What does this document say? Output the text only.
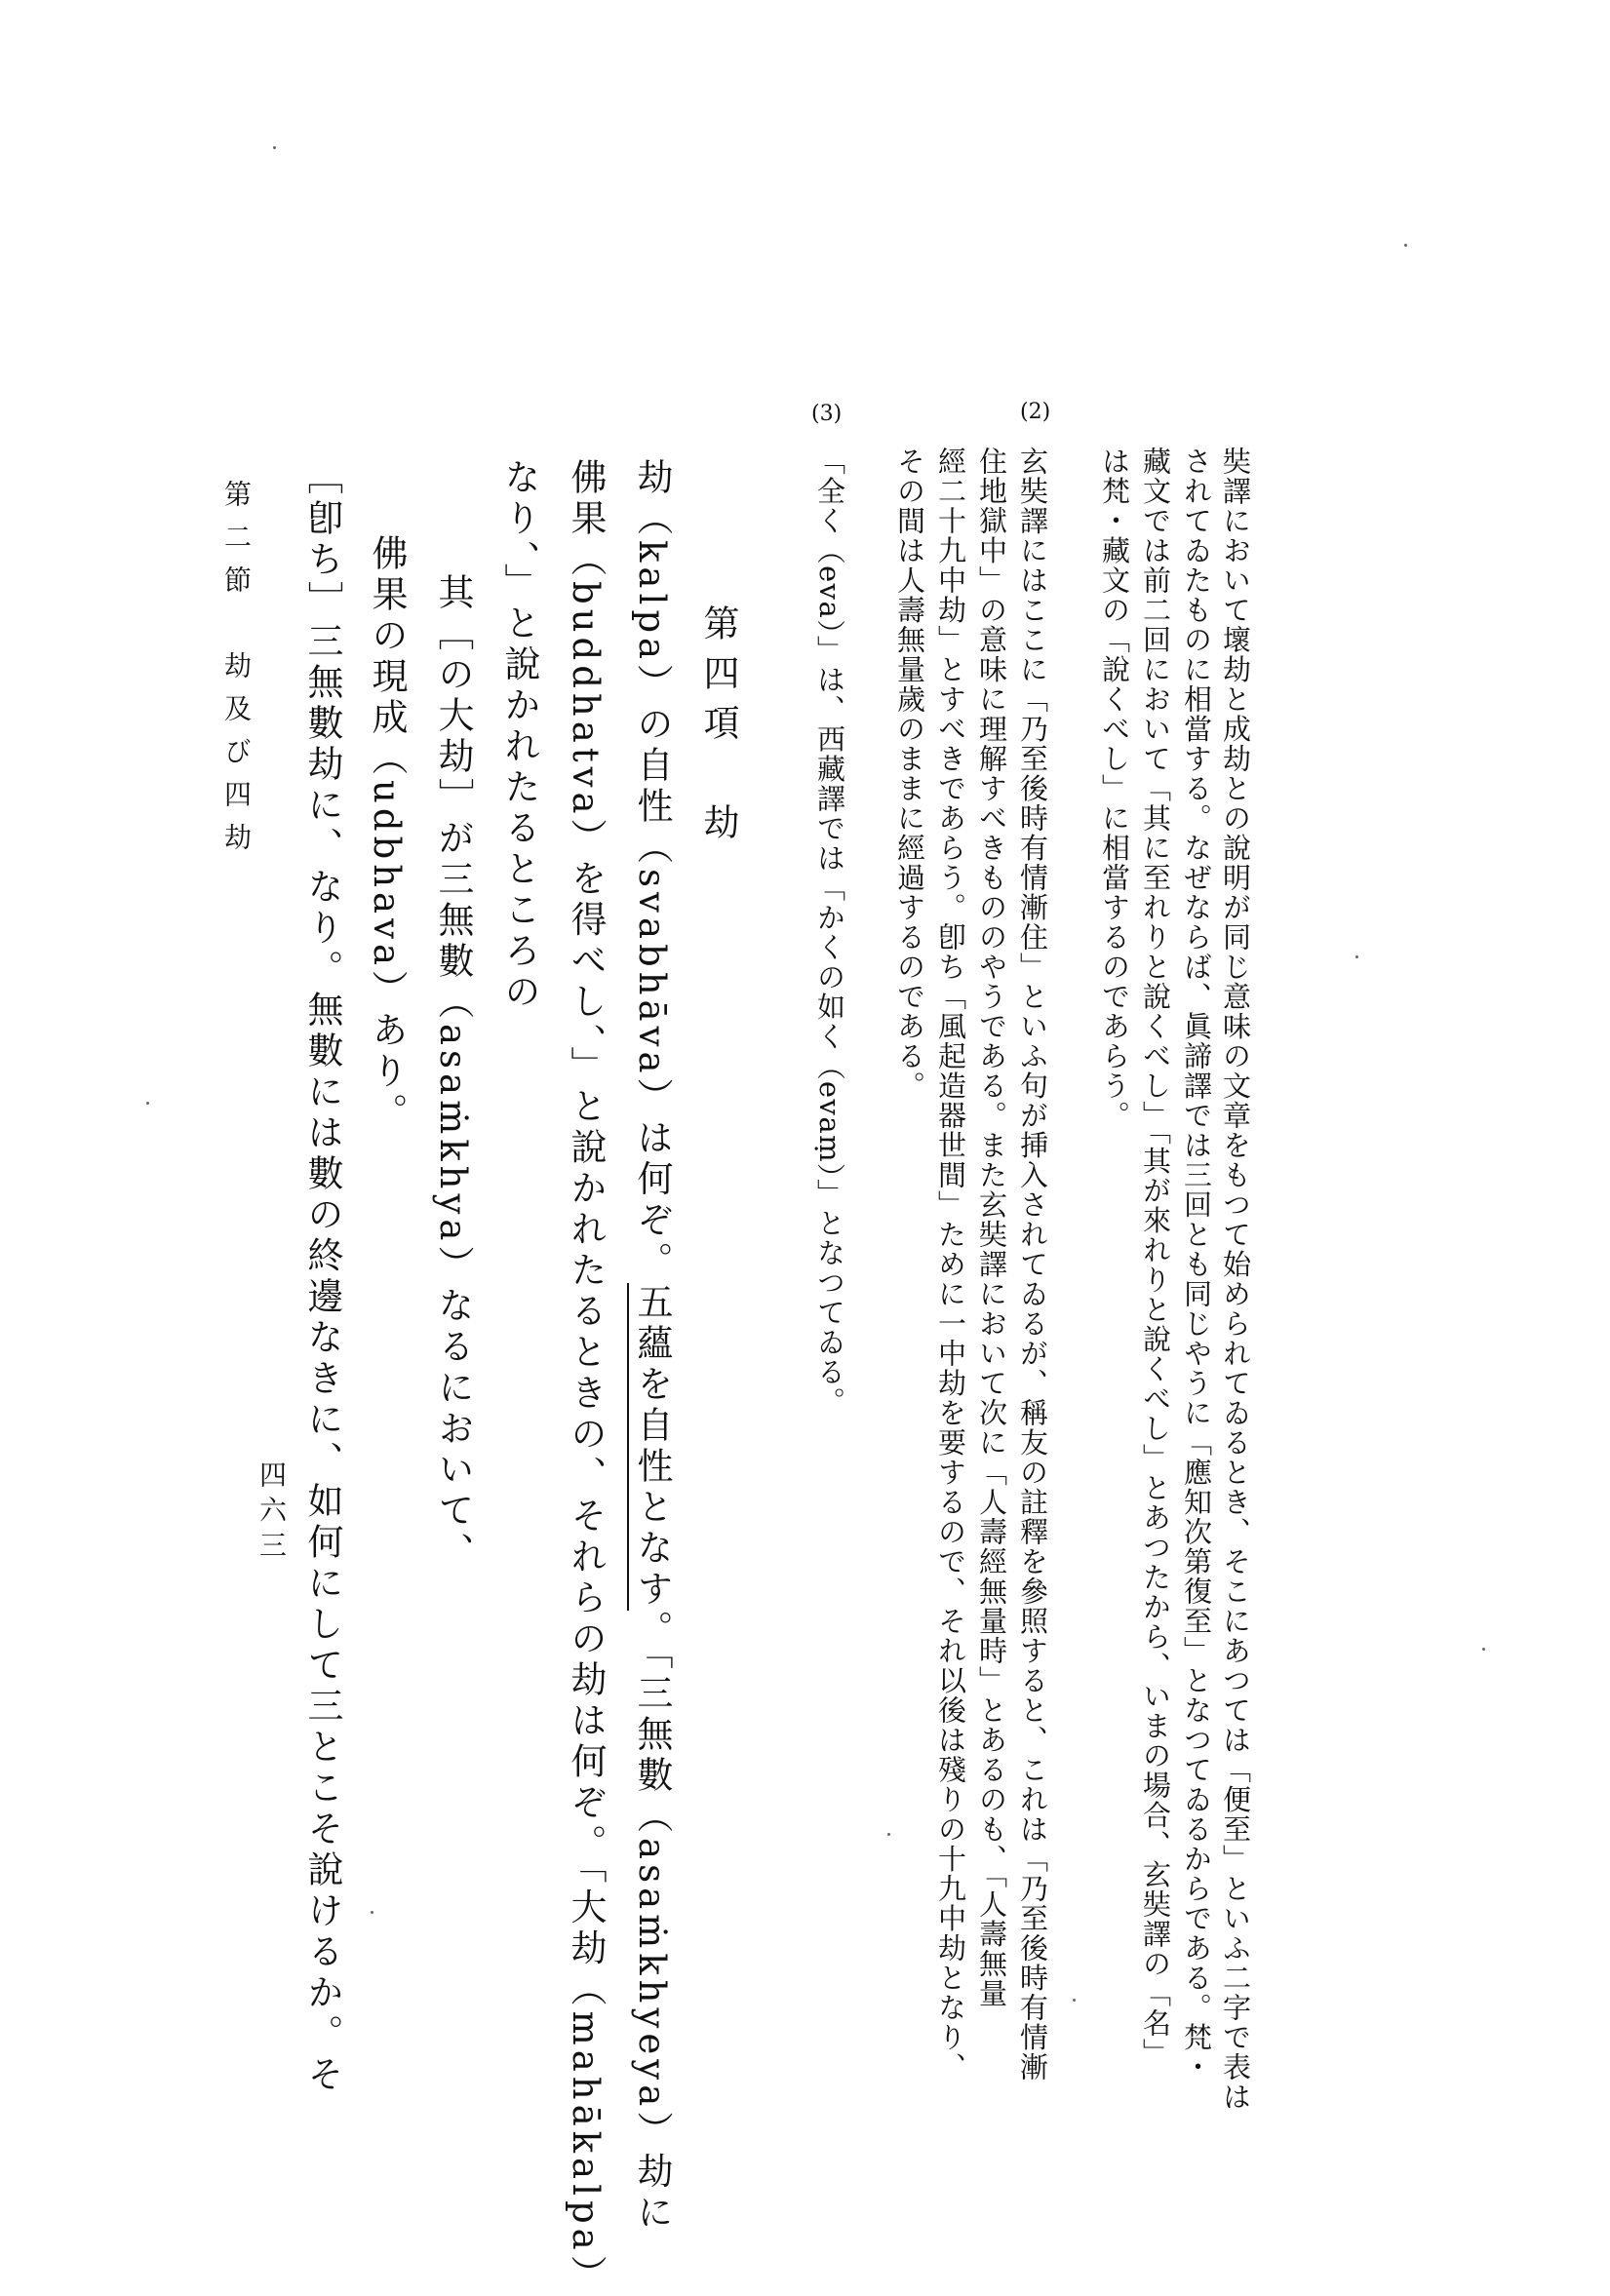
奘譯において壞劫と成劫との說明が同じ意味の文章をもつて始められてゐるとき、そこにあつては「便至」といふ二字で表は
されてゐたものに相當する。なぜならば、眞諦譯では三回とも同じやうに「應知次第復至」となつてゐるからである。梵・
藏文では前二回において「其に至れりと說くべし」「其が來れりと說くべし」とあつたから、いまの場合、玄奘譯の「名」
は梵・藏文の「說くべし」に相當するのであらう。
(2)
玄奘譯にはここに「乃至後時有情漸住」といふ句が挿入されてゐるが、稱友の註釋を參照すると、これは「乃至後時有情漸
住地獄中」の意味に理解すべきもののやうである。また玄奘譯において次に「人壽經無量時」とあるのも、「人壽無量
經二十九中劫」とすべきであらう。卽ち「風起造器世間」ために一中劫を要するので、それ以後は殘りの十九中劫となり、
その間は人壽無量歲のままに經過するのである。
(3)
「全く（eva）」は、西藏譯では「かくの如く（evaṃ）」となつてゐる。
第四項　劫
劫（kalpa）の自性（svabhāva）は何ぞ。五蘊を自性となす。「三無數（asaṁkhyeya）劫に
佛果（buddhatva）を得べし、」と說かれたるときの、それらの劫は何ぞ。「大劫（mahākalpa）
なり、」と說かれたるところの
其［の大劫］が三無數（asaṁkhya）なるにおいて、
佛果の現成（udbhava）あり。
［卽ち］三無數劫に、なり。無數には數の終邊なきに、如何にして三とこそ說けるか。そ
第二節　劫及び四劫
四六三
